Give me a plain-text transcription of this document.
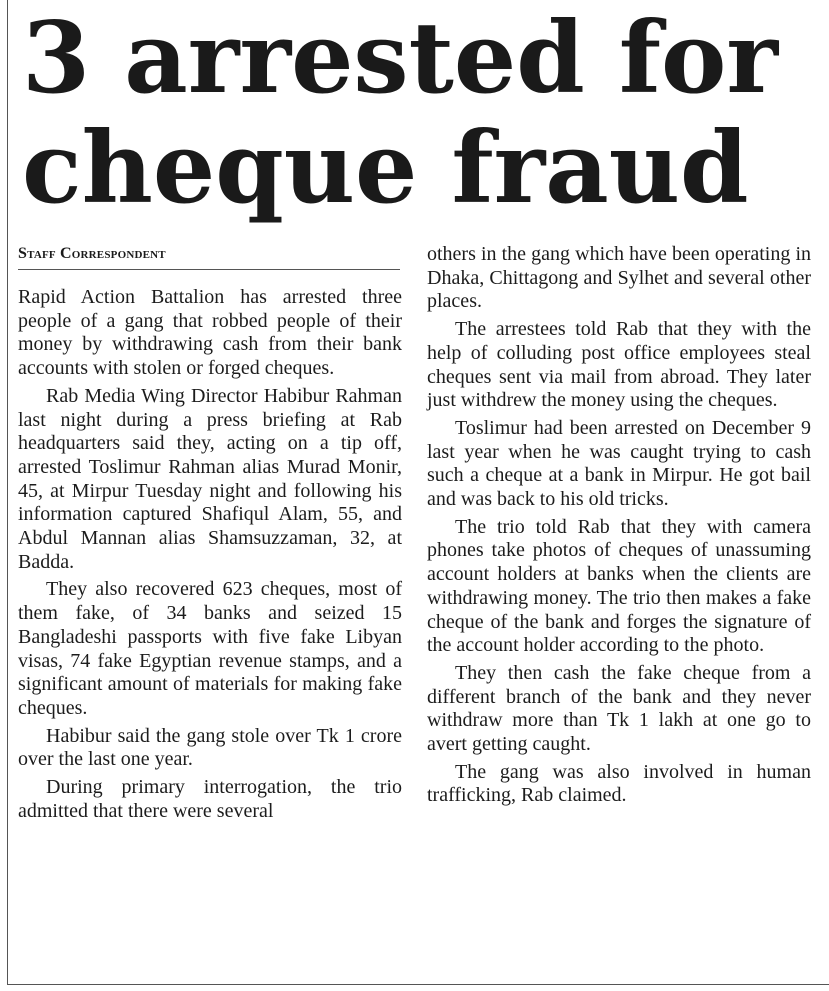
3 arrested for cheque fraud
Staff Correspondent

Rapid Action Battalion has arrested three people of a gang that robbed people of their money by withdrawing cash from their bank accounts with stolen or forged cheques.

Rab Media Wing Director Habibur Rahman last night during a press briefing at Rab headquarters said they, acting on a tip off, arrested Toslimur Rahman alias Murad Monir, 45, at Mirpur Tuesday night and following his information captured Shafiqul Alam, 55, and Abdul Mannan alias Shamsuzzaman, 32, at Badda.

They also recovered 623 cheques, most of them fake, of 34 banks and seized 15 Bangladeshi passports with five fake Libyan visas, 74 fake Egyptian revenue stamps, and a significant amount of materials for making fake cheques.

Habibur said the gang stole over Tk 1 crore over the last one year.

During primary interrogation, the trio admitted that there were several

others in the gang which have been operating in Dhaka, Chittagong and Sylhet and several other places.

The arrestees told Rab that they with the help of colluding post office employees steal cheques sent via mail from abroad. They later just withdrew the money using the cheques.

Toslimur had been arrested on December 9 last year when he was caught trying to cash such a cheque at a bank in Mirpur. He got bail and was back to his old tricks.

The trio told Rab that they with camera phones take photos of cheques of unassuming account holders at banks when the clients are withdrawing money. The trio then makes a fake cheque of the bank and forges the signature of the account holder according to the photo.

They then cash the fake cheque from a different branch of the bank and they never withdraw more than Tk 1 lakh at one go to avert getting caught.

The gang was also involved in human trafficking, Rab claimed.
